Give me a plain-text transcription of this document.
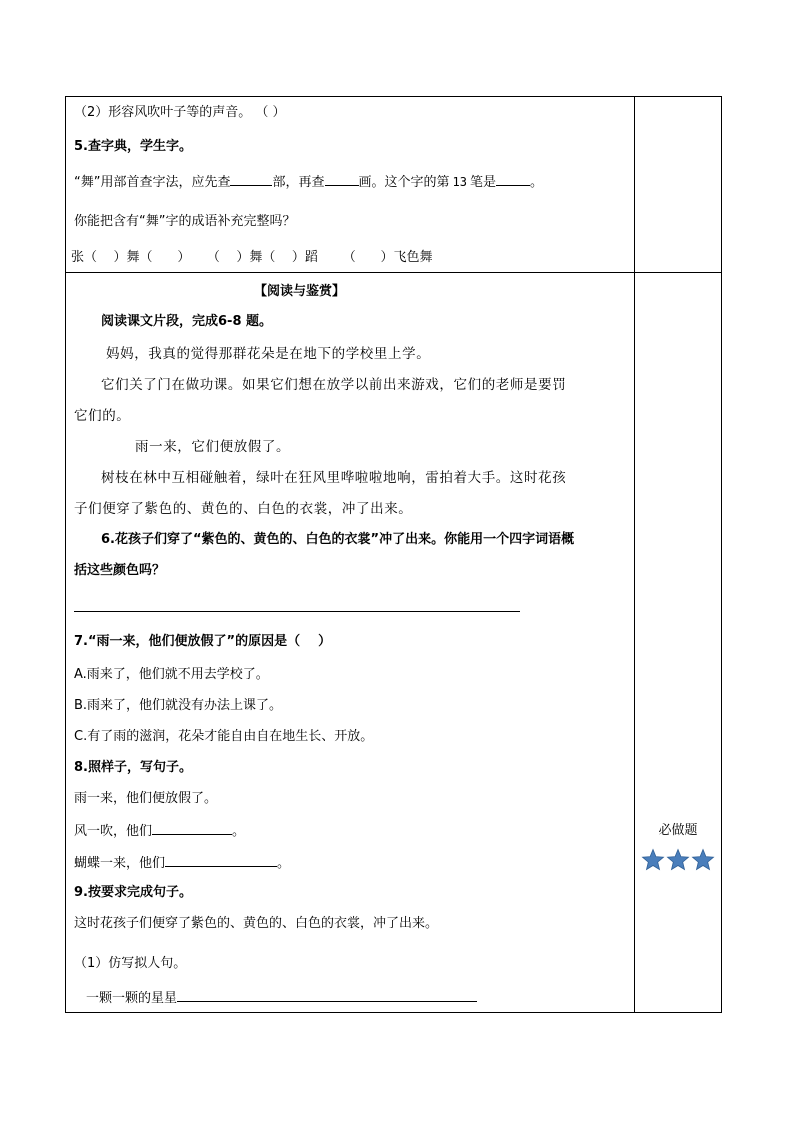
（2）形容风吹叶子等的声音。 （ ）
5.查字典，学生字。
“舞”用部首查字法，应先查	部，再查	画。这个字的第 13 笔是	。
你能把含有“舞”字的成语补充完整吗？
张（    ）舞（      ）    （    ）舞（    ）蹈      （      ）飞色舞
【阅读与鉴赏】
阅读课文片段，完成6-8 题。
妈妈，我真的觉得那群花朵是在地下的学校里上学。
它们关了门在做功课。如果它们想在放学以前出来游戏，它们的老师是要罚
它们的。
雨一来，它们便放假了。
树枝在林中互相碰触着，绿叶在狂风里哗啦啦地响，雷拍着大手。这时花孩
子们便穿了紫色的、黄色的、白色的衣裳，冲了出来。
6.花孩子们穿了“紫色的、黄色的、白色的衣裳”冲了出来。你能用一个四字词语概
括这些颜色吗？
7.“雨一来，他们便放假了”的原因是（    ）
A.雨来了，他们就不用去学校了。
B.雨来了，他们就没有办法上课了。
C.有了雨的滋润，花朵才能自由自在地生长、开放。
8.照样子，写句子。
雨一来，他们便放假了。
风一吹，他们	。
蝴蝶一来，他们	。
9.按要求完成句子。
这时花孩子们便穿了紫色的、黄色的、白色的衣裳，冲了出来。
（1）仿写拟人句。
一颗一颗的星星
必做题
